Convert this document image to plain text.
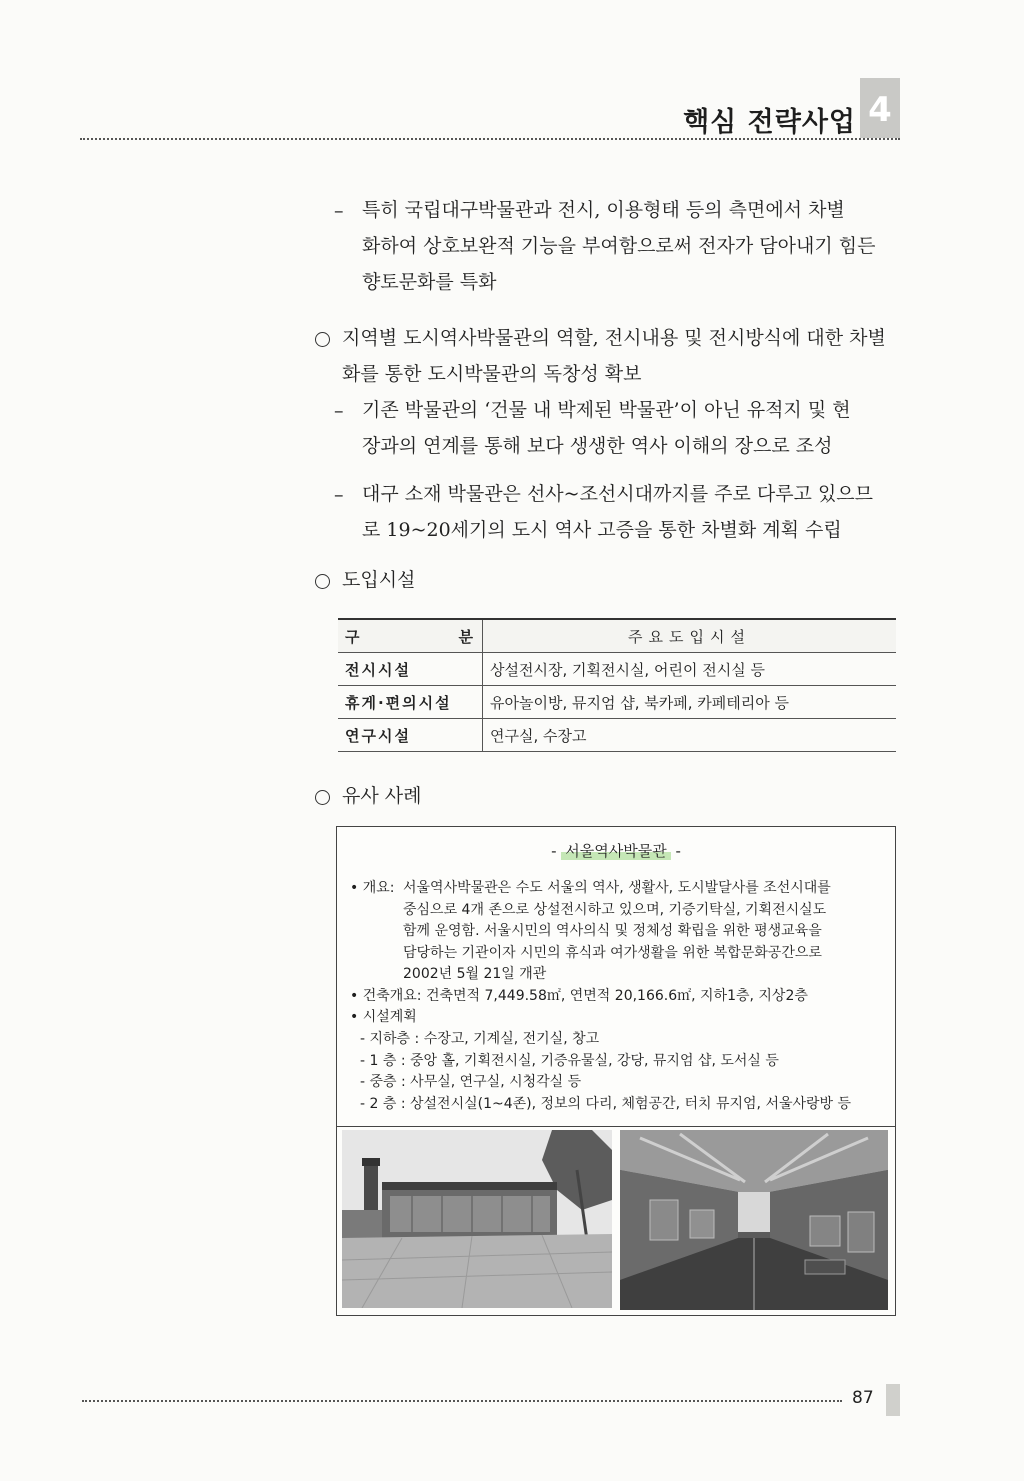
4
핵심 전략사업
– 특히 국립대구박물관과 전시, 이용형태 등의 측면에서 차별
화하여 상호보완적 기능을 부여함으로써 전자가 담아내기 힘든
향토문화를 특화
지역별 도시역사박물관의 역할, 전시내용 및 전시방식에 대한 차별
화를 통한 도시박물관의 독창성 확보
– 기존 박물관의 ‘건물 내 박제된 박물관’이 아닌 유적지 및 현
장과의 연계를 통해 보다 생생한 역사 이해의 장으로 조성
– 대구 소재 박물관은 선사~조선시대까지를 주로 다루고 있으므
로 19~20세기의 도시 역사 고증을 통한 차별화 계획 수립
도입시설
구 분	주요도입시설
전시시설	상설전시장, 기획전시실, 어린이 전시실 등
휴게·편의시설	유아놀이방, 뮤지엄 샵, 북카페, 카페테리아 등
연구시설	연구실, 수장고
유사 사례
- 서울역사박물관 -
• 개요: 서울역사박물관은 수도 서울의 역사, 생활사, 도시발달사를 조선시대를
중심으로 4개 존으로 상설전시하고 있으며, 기증기탁실, 기획전시실도
함께 운영함. 서울시민의 역사의식 및 정체성 확립을 위한 평생교육을
담당하는 기관이자 시민의 휴식과 여가생활을 위한 복합문화공간으로
2002년 5월 21일 개관
• 건축개요: 건축면적 7,449.58㎡, 연면적 20,166.6㎡, 지하1층, 지상2층
• 시설계획
- 지하층 : 수장고, 기계실, 전기실, 창고
- 1 층 : 중앙 홀, 기획전시실, 기증유물실, 강당, 뮤지엄 샵, 도서실 등
- 중층 : 사무실, 연구실, 시청각실 등
- 2 층 : 상설전시실(1~4존), 정보의 다리, 체험공간, 터치 뮤지엄, 서울사랑방 등
87
